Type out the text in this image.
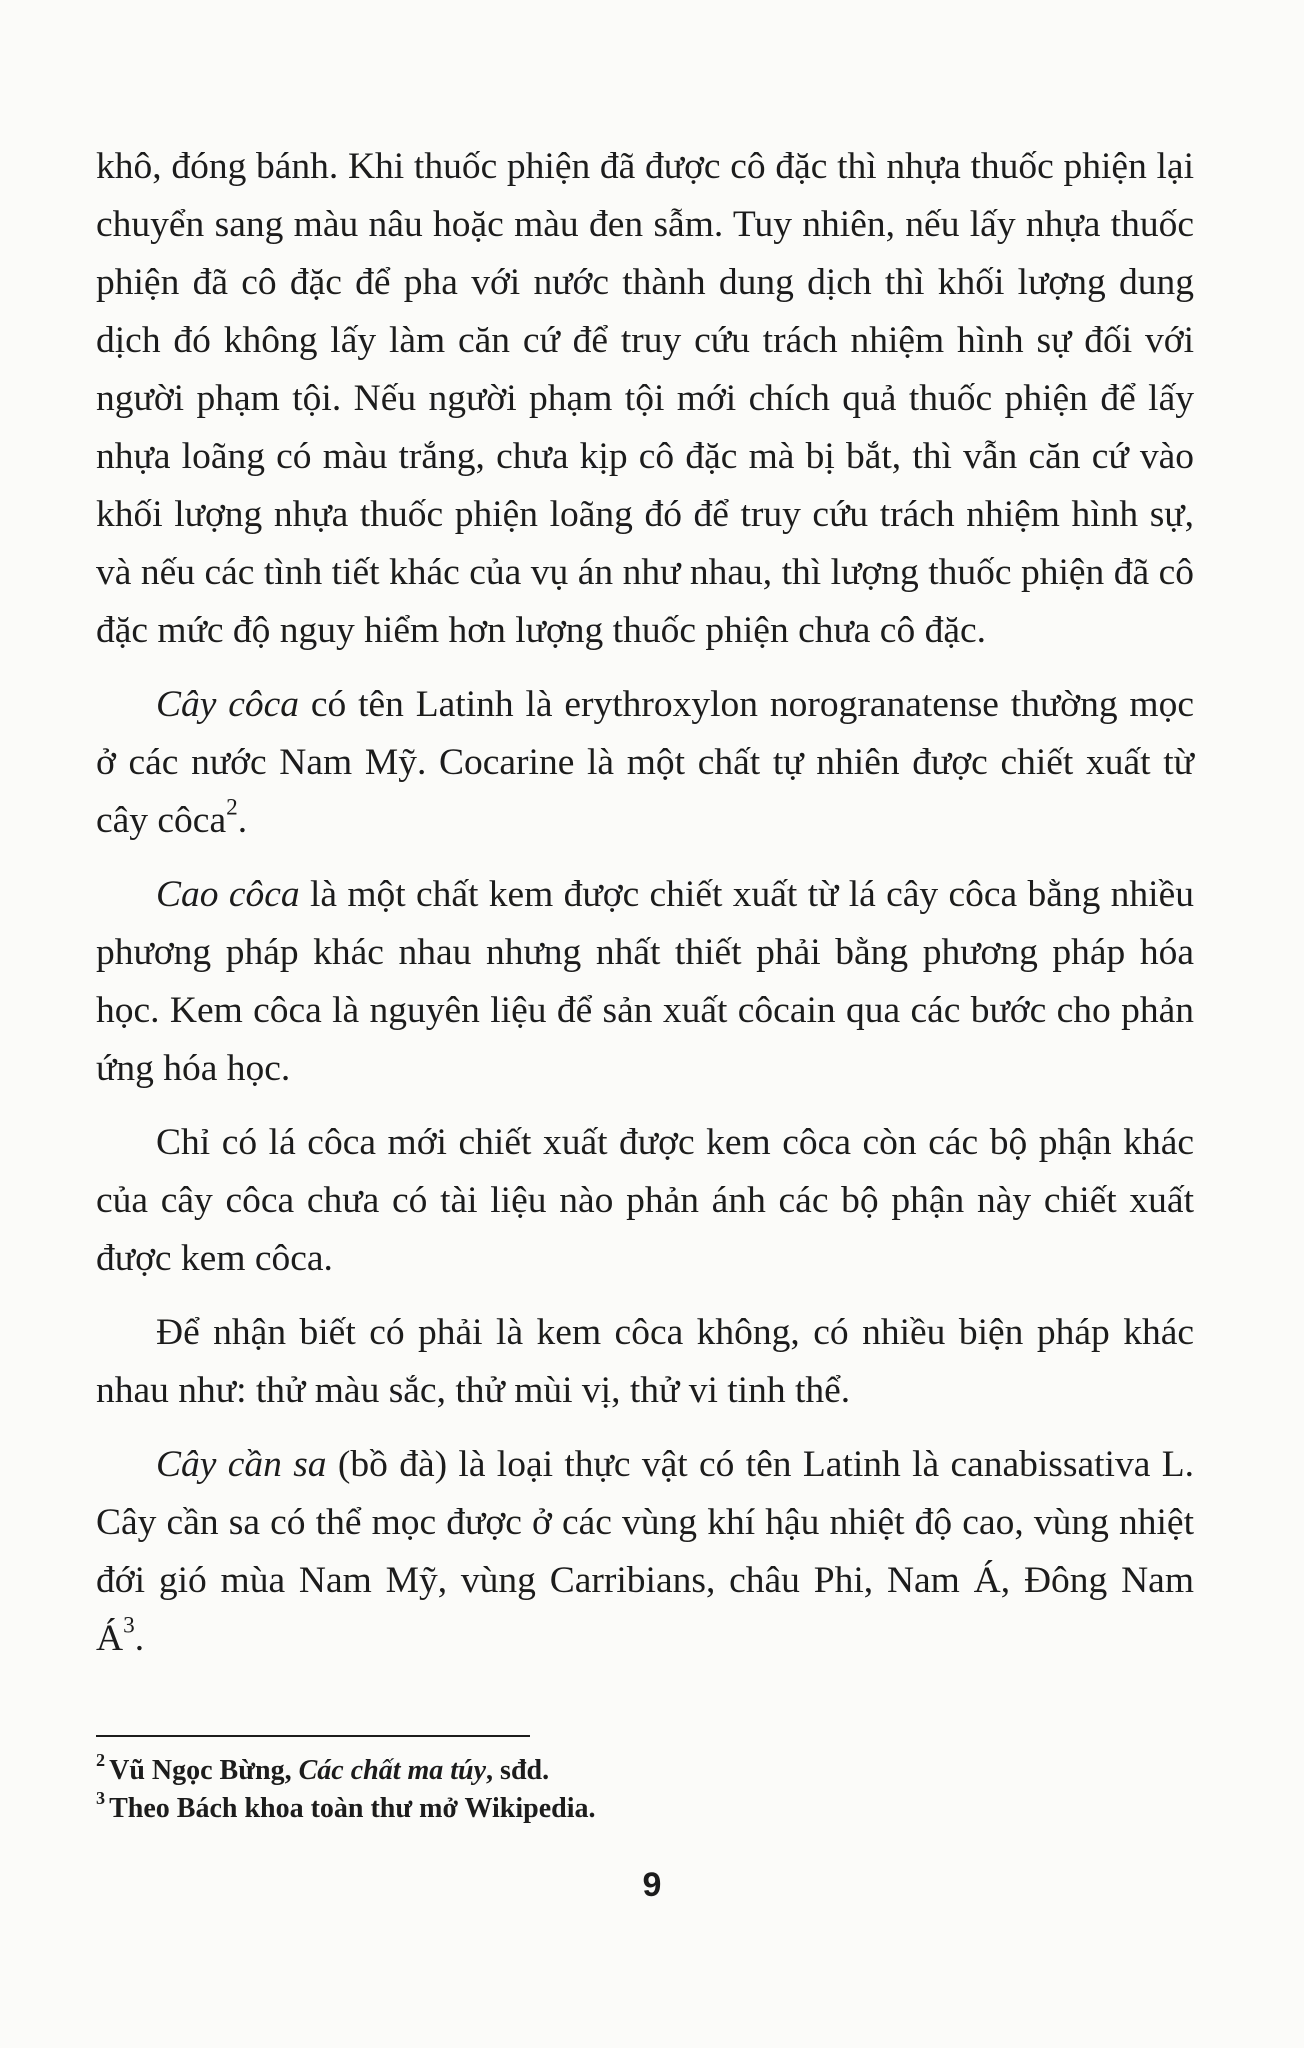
khô, đóng bánh. Khi thuốc phiện đã được cô đặc thì nhựa thuốc phiện lại chuyển sang màu nâu hoặc màu đen sẫm. Tuy nhiên, nếu lấy nhựa thuốc phiện đã cô đặc để pha với nước thành dung dịch thì khối lượng dung dịch đó không lấy làm căn cứ để truy cứu trách nhiệm hình sự đối với người phạm tội. Nếu người phạm tội mới chích quả thuốc phiện để lấy nhựa loãng có màu trắng, chưa kịp cô đặc mà bị bắt, thì vẫn căn cứ vào khối lượng nhựa thuốc phiện loãng đó để truy cứu trách nhiệm hình sự, và nếu các tình tiết khác của vụ án như nhau, thì lượng thuốc phiện đã cô đặc mức độ nguy hiểm hơn lượng thuốc phiện chưa cô đặc.

Cây côca có tên Latinh là erythroxylon norogranatense thường mọc ở các nước Nam Mỹ. Cocarine là một chất tự nhiên được chiết xuất từ cây côca$^2$.

Cao côca là một chất kem được chiết xuất từ lá cây côca bằng nhiều phương pháp khác nhau nhưng nhất thiết phải bằng phương pháp hóa học. Kem côca là nguyên liệu để sản xuất côcain qua các bước cho phản ứng hóa học.

Chỉ có lá côca mới chiết xuất được kem côca còn các bộ phận khác của cây côca chưa có tài liệu nào phản ánh các bộ phận này chiết xuất được kem côca.

Để nhận biết có phải là kem côca không, có nhiều biện pháp khác nhau như: thử màu sắc, thử mùi vị, thử vi tinh thể.

Cây cần sa (bồ đà) là loại thực vật có tên Latinh là canabissativa L. Cây cần sa có thể mọc được ở các vùng khí hậu nhiệt độ cao, vùng nhiệt đới gió mùa Nam Mỹ, vùng Carribians, châu Phi, Nam Á, Đông Nam $Á^3$.

$^2$ Vũ Ngọc Bừng, Các chất ma túy, sđd.

$^3$ Theo Bách khoa toàn thư mở Wikipedia.

9
